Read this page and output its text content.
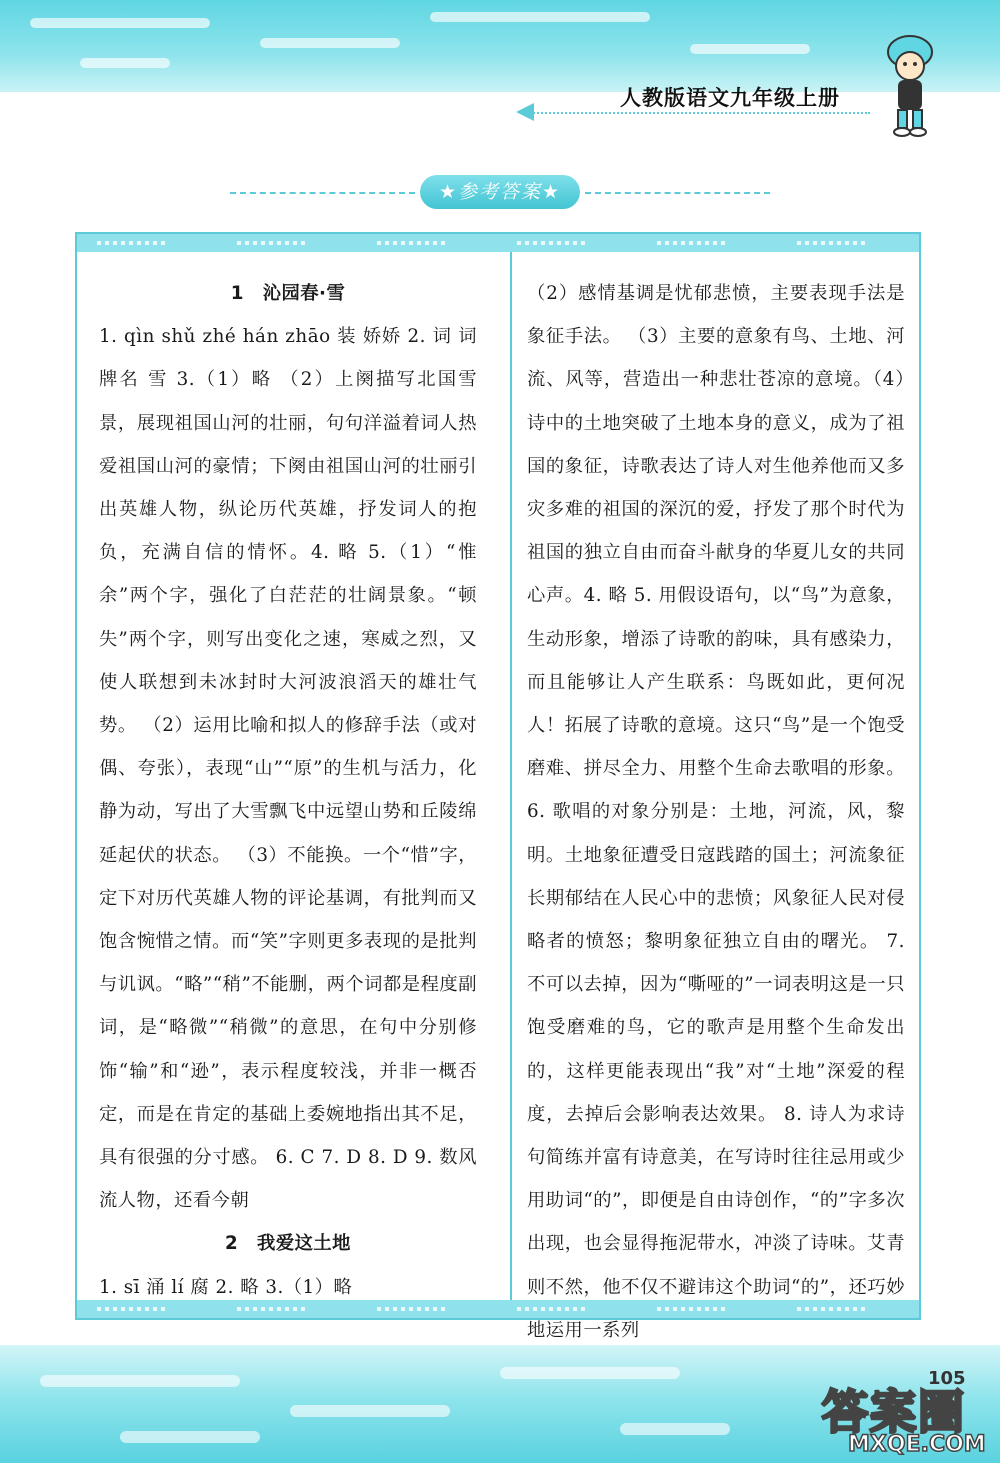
人教版语文九年级上册
★参考答案★

1　沁园春·雪

1. qìn shǔ zhé hán zhāo 装 娇娇 2. 词 词牌名 雪 3.（1）略 （2）上阕描写北国雪景，展现祖国山河的壮丽，句句洋溢着词人热爱祖国山河的豪情；下阕由祖国山河的壮丽引出英雄人物，纵论历代英雄，抒发词人的抱负，充满自信的情怀。4. 略 5.（1）“惟余”两个字，强化了白茫茫的壮阔景象。“顿失”两个字，则写出变化之速，寒威之烈，又使人联想到未冰封时大河波浪滔天的雄壮气势。 （2）运用比喻和拟人的修辞手法（或对偶、夸张），表现“山”“原”的生机与活力，化静为动，写出了大雪飘飞中远望山势和丘陵绵延起伏的状态。 （3）不能换。一个“惜”字，定下对历代英雄人物的评论基调，有批判而又饱含惋惜之情。而“笑”字则更多表现的是批判与讥讽。“略”“稍”不能删，两个词都是程度副词，是“略微”“稍微”的意思，在句中分别修饰“输”和“逊”，表示程度较浅，并非一概否定，而是在肯定的基础上委婉地指出其不足，具有很强的分寸感。 6. C 7. D 8. D 9. 数风流人物，还看今朝

2　我爱这土地

1. sī 涌 lí 腐 2. 略 3.（1）略

（2）感情基调是忧郁悲愤，主要表现手法是象征手法。 （3）主要的意象有鸟、土地、河流、风等，营造出一种悲壮苍凉的意境。（4）诗中的土地突破了土地本身的意义，成为了祖国的象征，诗歌表达了诗人对生他养他而又多灾多难的祖国的深沉的爱，抒发了那个时代为祖国的独立自由而奋斗献身的华夏儿女的共同心声。4. 略 5. 用假设语句，以“鸟”为意象，生动形象，增添了诗歌的韵味，具有感染力，而且能够让人产生联系：鸟既如此，更何况人！拓展了诗歌的意境。这只“鸟”是一个饱受磨难、拼尽全力、用整个生命去歌唱的形象。 6. 歌唱的对象分别是：土地，河流，风，黎明。土地象征遭受日寇践踏的国土；河流象征长期郁结在人民心中的悲愤；风象征人民对侵略者的愤怒；黎明象征独立自由的曙光。 7. 不可以去掉，因为“嘶哑的”一词表明这是一只饱受磨难的鸟，它的歌声是用整个生命发出的，这样更能表现出“我”对“土地”深爱的程度，去掉后会影响表达效果。 8. 诗人为求诗句简练并富有诗意美，在写诗时往往忌用或少用助词“的”，即便是自由诗创作，“的”字多次出现，也会显得拖泥带水，冲淡了诗味。艾青则不然，他不仅不避讳这个助词“的”，还巧妙地运用一系列

105
答案圈
MXQE.COM
